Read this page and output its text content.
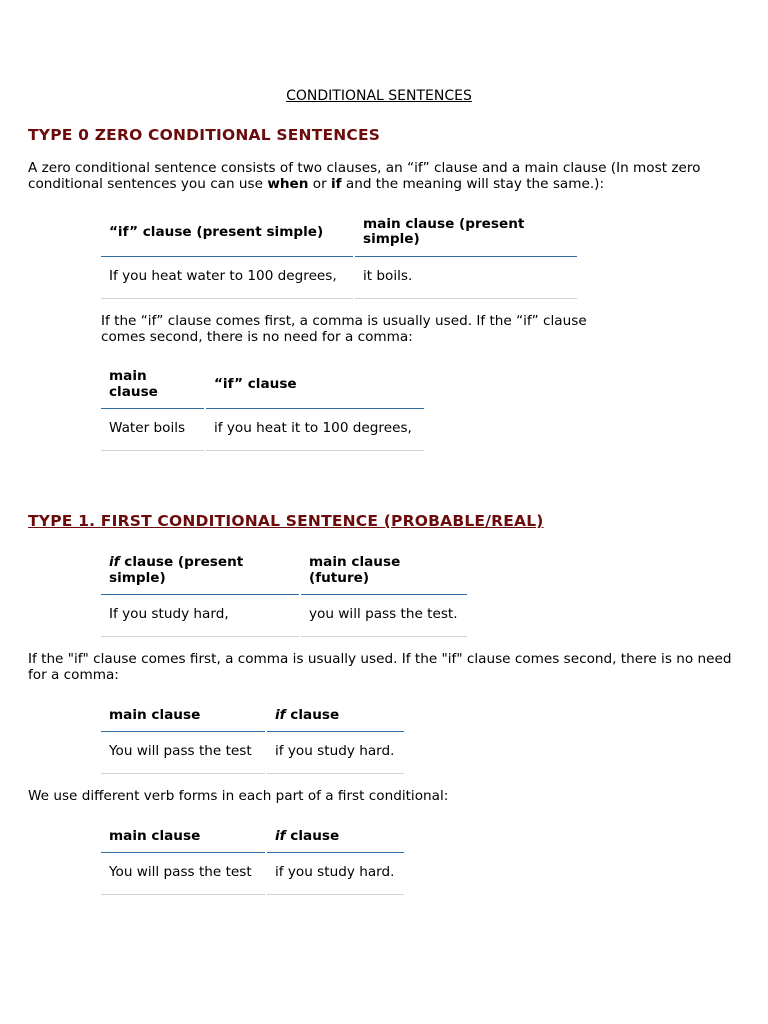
CONDITIONAL SENTENCES
TYPE 0 ZERO CONDITIONAL SENTENCES
A zero conditional sentence consists of two clauses, an “if” clause and a main clause (In most zero conditional sentences you can use when or if and the meaning will stay the same.):
“if” clause (present simple)	main clause (present simple)
If you heat water to 100 degrees,	it boils.
If the “if” clause comes first, a comma is usually used. If the “if” clause comes second, there is no need for a comma:
main clause	“if” clause
Water boils	if you heat it to 100 degrees,
TYPE 1. FIRST CONDITIONAL SENTENCE (PROBABLE/REAL)
if clause (present simple)	main clause (future)
If you study hard,	you will pass the test.
If the "if" clause comes first, a comma is usually used. If the "if" clause comes second, there is no need for a comma:
main clause	if clause
You will pass the test	if you study hard.
We use different verb forms in each part of a first conditional:
main clause	if clause
You will pass the test	if you study hard.
